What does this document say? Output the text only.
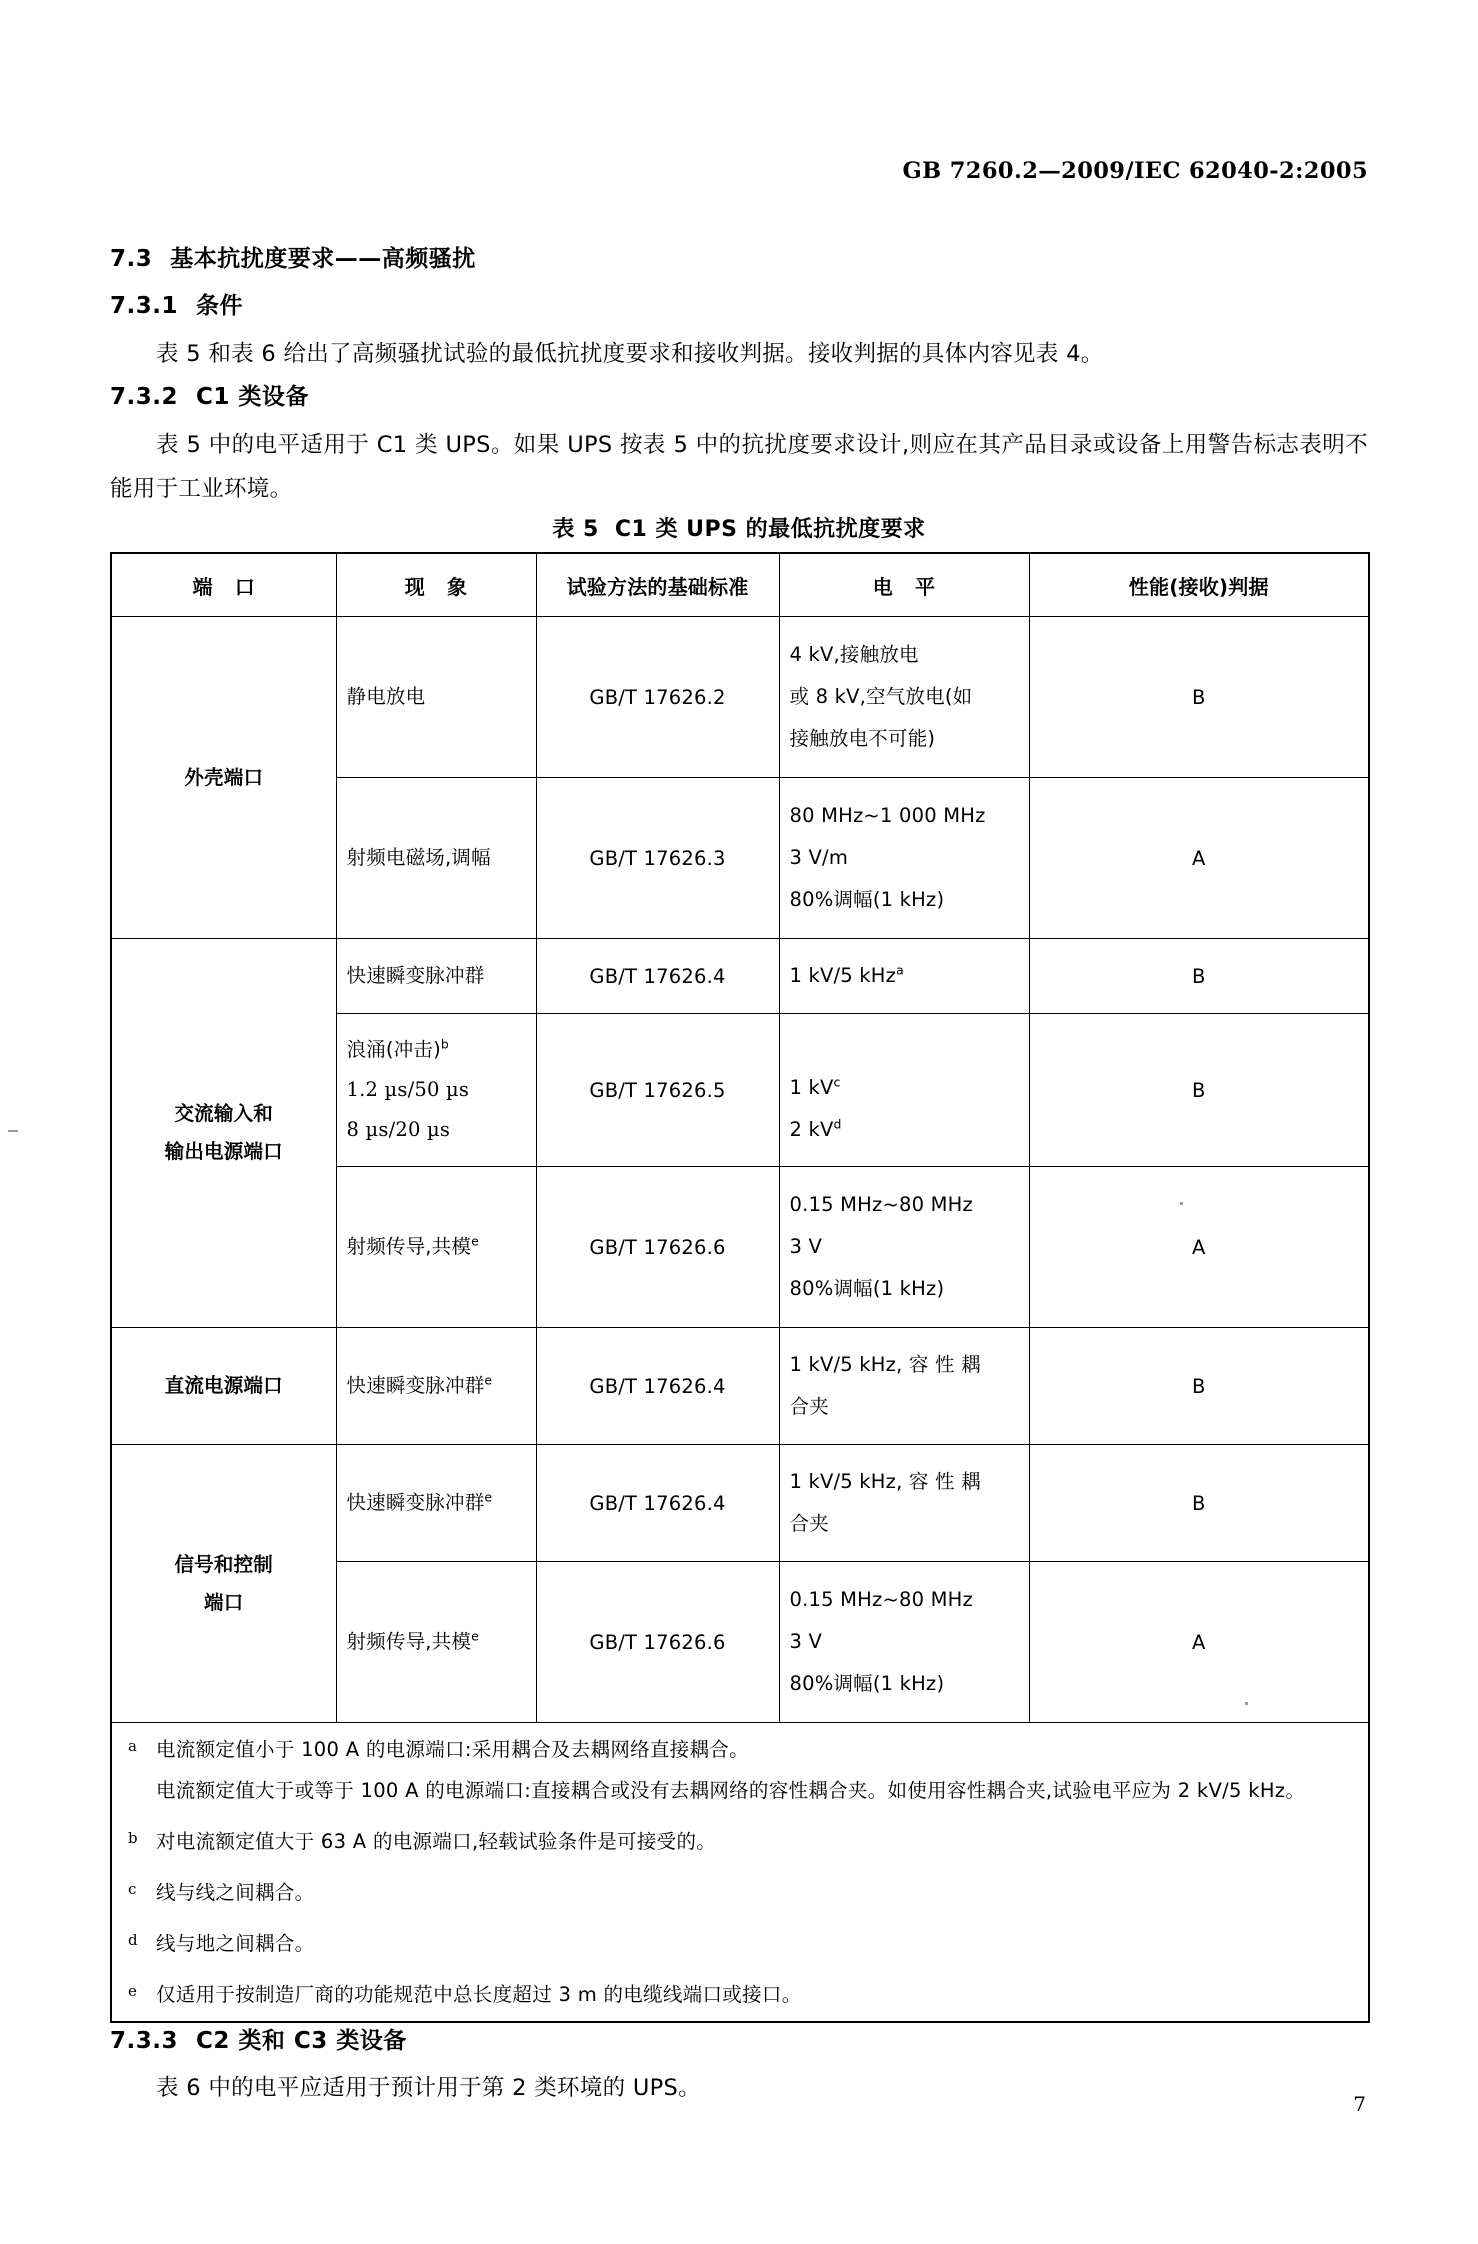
GB 7260.2—2009/IEC 62040-2:2005
7.3 基本抗扰度要求——高频骚扰
7.3.1 条件
表 5 和表 6 给出了高频骚扰试验的最低抗扰度要求和接收判据。接收判据的具体内容见表 4。
7.3.2 C1 类设备
表 5 中的电平适用于 C1 类 UPS。如果 UPS 按表 5 中的抗扰度要求设计,则应在其产品目录或设备上用警告标志表明不能用于工业环境。
表 5 C1 类 UPS 的最低抗扰度要求
端 口	现 象	试验方法的基础标准	电 平	性能(接收)判据
外壳端口	静电放电	GB/T 17626.2	4 kV,接触放电
或 8 kV,空气放电(如
接触放电不可能)	B
	射频电磁场,调幅	GB/T 17626.3	80 MHz~1 000 MHz
3 V/m
80%调幅(1 kHz)	A

交流输入和
输出电源端口	快速瞬变脉冲群	GB/T 17626.4	1 kV/5 kHz$^a$	B

	浪涌(冲击)$^b$
1.2 µs/50 µs
8 µs/20 µs	GB/T 17626.5	1 $kV^c$
2 $kV^d$	B
	射频传导,共模$^e$	GB/T 17626.6	0.15 MHz~80 MHz
3 V
80%调幅(1 kHz)	A
直流电源端口	快速瞬变脉冲群$^e$	GB/T 17626.4	1 kV/5 kHz, 容 性 耦
合夹	B

信号和控制
端口	快速瞬变脉冲群$^e$	GB/T 17626.4	1 kV/5 kHz, 容 性 耦
合夹	B
	射频传导,共模$^e$	GB/T 17626.6	0.15 MHz~80 MHz
3 V
80%调幅(1 kHz)	A

a 电流额定值小于 100 A 的电源端口:采用耦合及去耦网络直接耦合。
电流额定值大于或等于 100 A 的电源端口:直接耦合或没有去耦网络的容性耦合夹。如使用容性耦合夹,试验电平应为 2 kV/5 kHz。
b 对电流额定值大于 63 A 的电源端口,轻载试验条件是可接受的。
c 线与线之间耦合。
d 线与地之间耦合。
e 仅适用于按制造厂商的功能规范中总长度超过 3 m 的电缆线端口或接口。
7.3.3 C2 类和 C3 类设备
表 6 中的电平应适用于预计用于第 2 类环境的 UPS。
7
